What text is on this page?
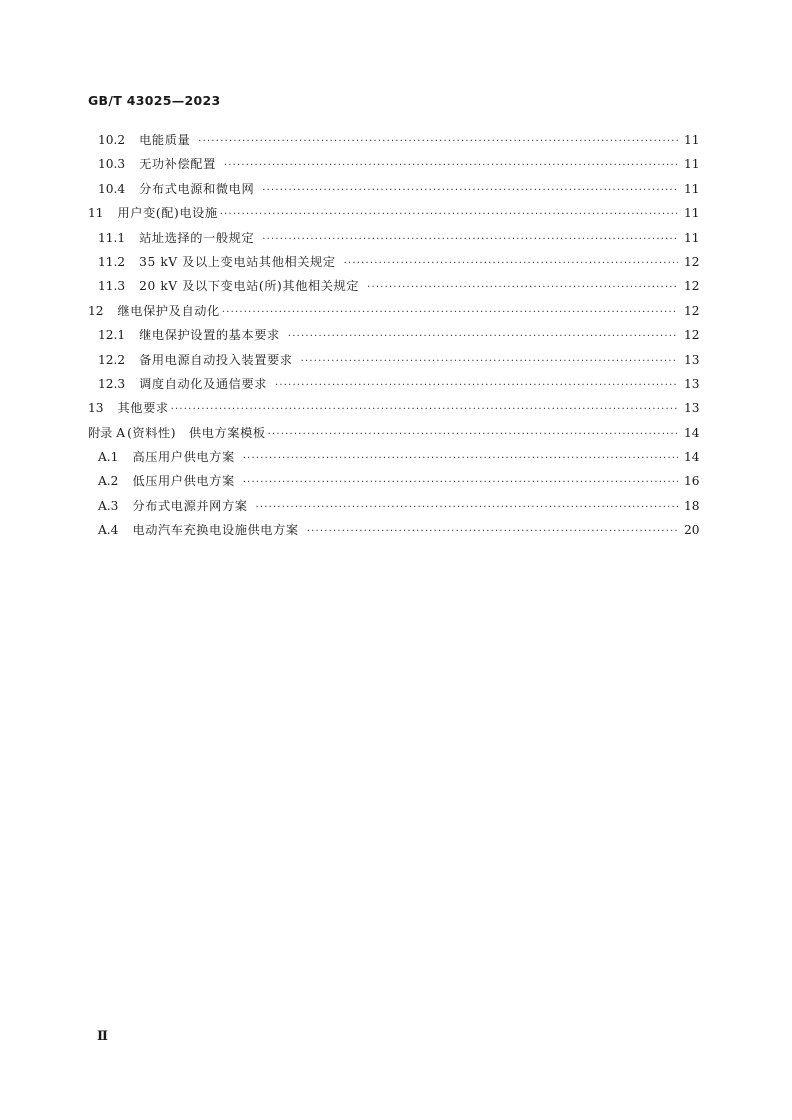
GB/T 43025—2023
10.2 电能质量 ·····	11
10.3 无功补偿配置 ·····	11
10.4 分布式电源和微电网 ·····	11
11 用户变(配)电设施 ·····	11
11.1 站址选择的一般规定 ·····	11
11.2 35 kV 及以上变电站其他相关规定 ·····	12
11.3 20 kV 及以下变电站(所)其他相关规定 ·····	12
12 继电保护及自动化 ·····	12
12.1 继电保护设置的基本要求 ·····	12
12.2 备用电源自动投入装置要求 ·····	13
12.3 调度自动化及通信要求 ·····	13
13 其他要求 ·····	13
附录 A (资料性)　供电方案模板 ·····	14
A.1 高压用户供电方案 ·····	14
A.2 低压用户供电方案 ·····	16
A.3 分布式电源并网方案 ·····	18
A.4 电动汽车充换电设施供电方案 ·····	20
Ⅱ
